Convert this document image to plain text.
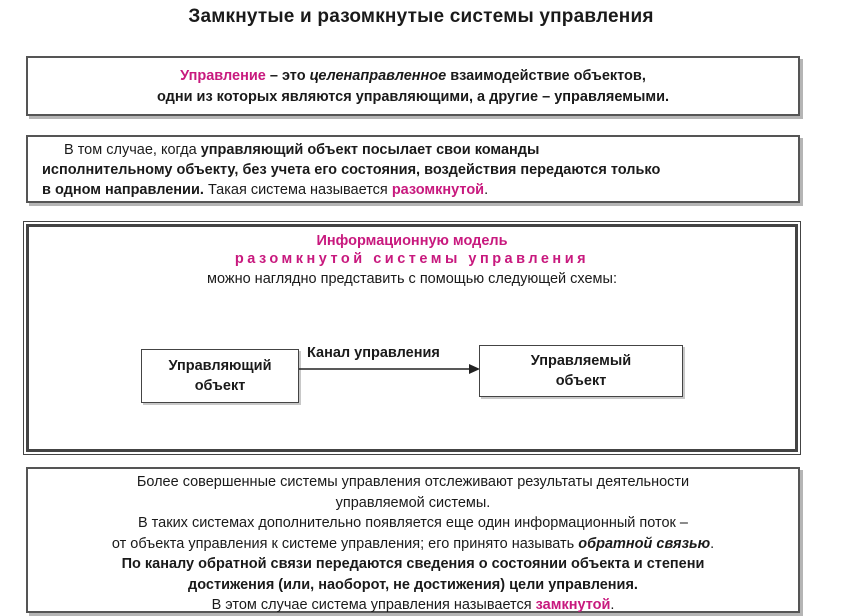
Замкнутые и разомкнутые системы управления
Управление – это целенаправленное взаимодействие объектов,
одни из которых являются управляющими, а другие – управляемыми.
В том случае, когда управляющий объект посылает свои команды
исполнительному объекту, без учета его состояния, воздействия передаются только
в одном направлении. Такая система называется разомкнутой.
Информационную модель
разомкнутой системы управления
можно наглядно представить с помощью следующей схемы:
Управляющий
объект
Канал управления	Управляемый
объект
Более совершенные системы управления отслеживают результаты деятельности
управляемой системы.
В таких системах дополнительно появляется еще один информационный поток –
от объекта управления к системе управления; его принято называть обратной связью.
По каналу обратной связи передаются сведения о состоянии объекта и степени
достижения (или, наоборот, не достижения) цели управления.
В этом случае система управления называется замкнутой.
